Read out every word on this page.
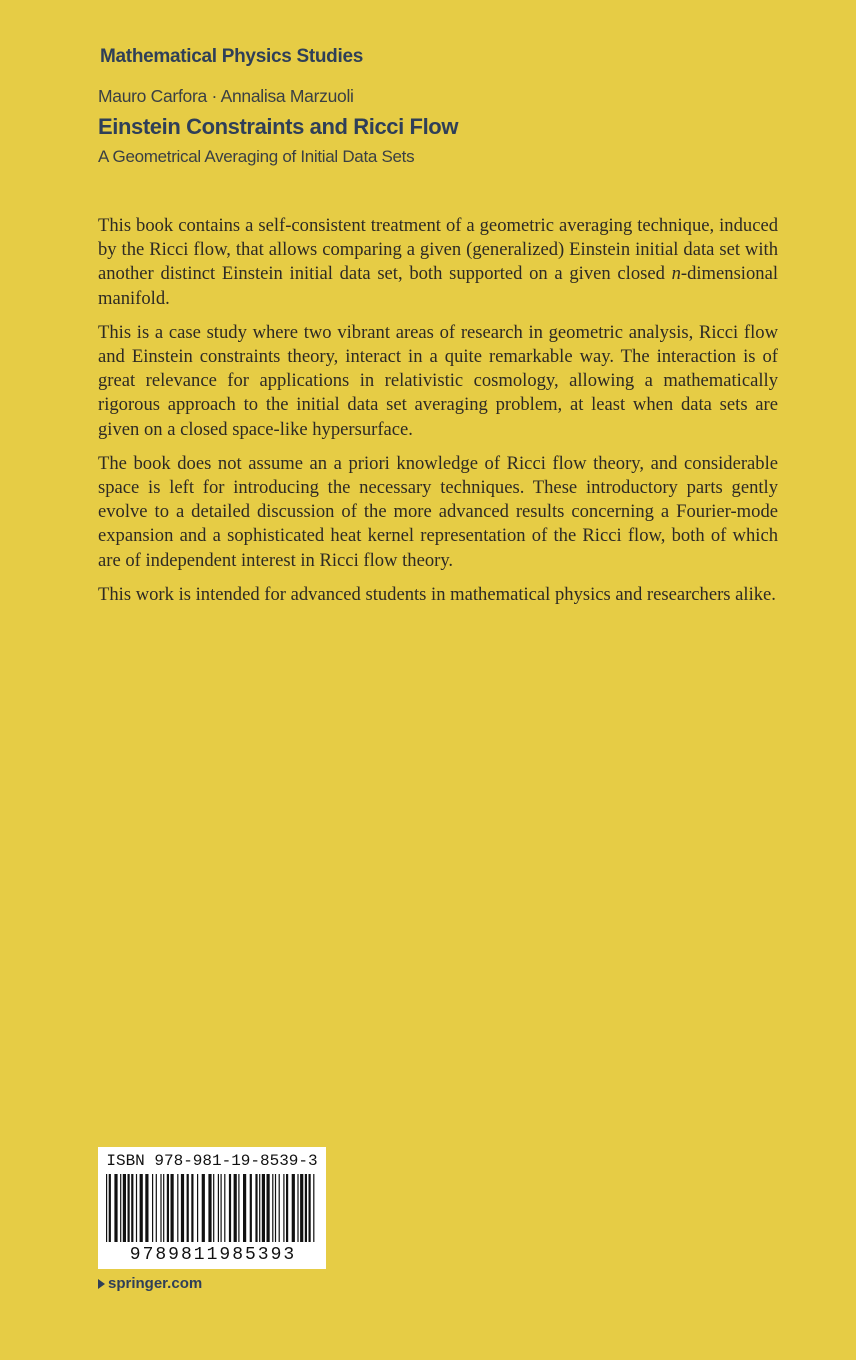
Mathematical Physics Studies
Mauro Carfora · Annalisa Marzuoli
Einstein Constraints and Ricci Flow
A Geometrical Averaging of Initial Data Sets

This book contains a self-consistent treatment of a geometric averaging technique, induced by the Ricci flow, that allows comparing a given (generalized) Einstein initial data set with another distinct Einstein initial data set, both supported on a given closed n-dimensional manifold.

This is a case study where two vibrant areas of research in geometric analysis, Ricci flow and Einstein constraints theory, interact in a quite remarkable way. The interaction is of great relevance for applications in relativistic cosmology, allowing a mathematically rigorous approach to the initial data set averaging problem, at least when data sets are given on a closed space-like hypersurface.

The book does not assume an a priori knowledge of Ricci flow theory, and considerable space is left for introducing the necessary techniques. These introductory parts gently evolve to a detailed discussion of the more advanced results concerning a Fourier-mode expansion and a sophisticated heat kernel representation of the Ricci flow, both of which are of independent interest in Ricci flow theory.

This work is intended for advanced students in mathematical physics and researchers alike.

ISBN 978-981-19-8539-3
9789811985393
springer.com
